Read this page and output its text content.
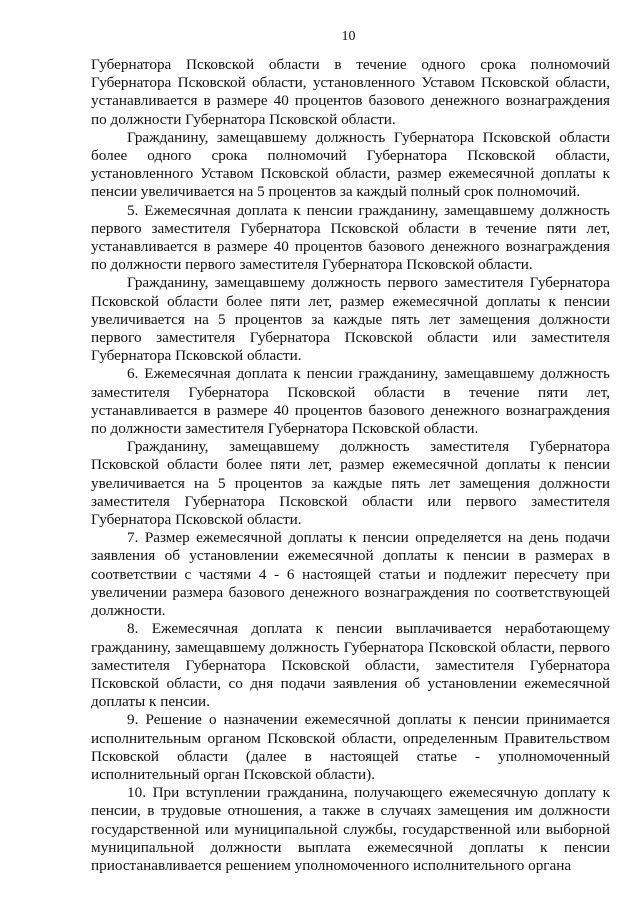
10

Губернатора Псковской области в течение одного срока полномочий Губернатора Псковской области, установленного Уставом Псковской области, устанавливается в размере 40 процентов базового денежного вознаграждения по должности Губернатора Псковской области.

Гражданину, замещавшему должность Губернатора Псковской области более одного срока полномочий Губернатора Псковской области, установленного Уставом Псковской области, размер ежемесячной доплаты к пенсии увеличивается на 5 процентов за каждый полный срок полномочий.

5. Ежемесячная доплата к пенсии гражданину, замещавшему должность первого заместителя Губернатора Псковской области в течение пяти лет, устанавливается в размере 40 процентов базового денежного вознаграждения по должности первого заместителя Губернатора Псковской области.

Гражданину, замещавшему должность первого заместителя Губернатора Псковской области более пяти лет, размер ежемесячной доплаты к пенсии увеличивается на 5 процентов за каждые пять лет замещения должности первого заместителя Губернатора Псковской области или заместителя Губернатора Псковской области.

6. Ежемесячная доплата к пенсии гражданину, замещавшему должность заместителя Губернатора Псковской области в течение пяти лет, устанавливается в размере 40 процентов базового денежного вознаграждения по должности заместителя Губернатора Псковской области.

Гражданину, замещавшему должность заместителя Губернатора Псковской области более пяти лет, размер ежемесячной доплаты к пенсии увеличивается на 5 процентов за каждые пять лет замещения должности заместителя Губернатора Псковской области или первого заместителя Губернатора Псковской области.

7. Размер ежемесячной доплаты к пенсии определяется на день подачи заявления об установлении ежемесячной доплаты к пенсии в размерах в соответствии с частями 4 - 6 настоящей статьи и подлежит пересчету при увеличении размера базового денежного вознаграждения по соответствующей должности.

8. Ежемесячная доплата к пенсии выплачивается неработающему гражданину, замещавшему должность Губернатора Псковской области, первого заместителя Губернатора Псковской области, заместителя Губернатора Псковской области, со дня подачи заявления об установлении ежемесячной доплаты к пенсии.

9. Решение о назначении ежемесячной доплаты к пенсии принимается исполнительным органом Псковской области, определенным Правительством Псковской области (далее в настоящей статье - уполномоченный исполнительный орган Псковской области).

10. При вступлении гражданина, получающего ежемесячную доплату к пенсии, в трудовые отношения, а также в случаях замещения им должности государственной или муниципальной службы, государственной или выборной муниципальной должности выплата ежемесячной доплаты к пенсии приостанавливается решением уполномоченного исполнительного органа
